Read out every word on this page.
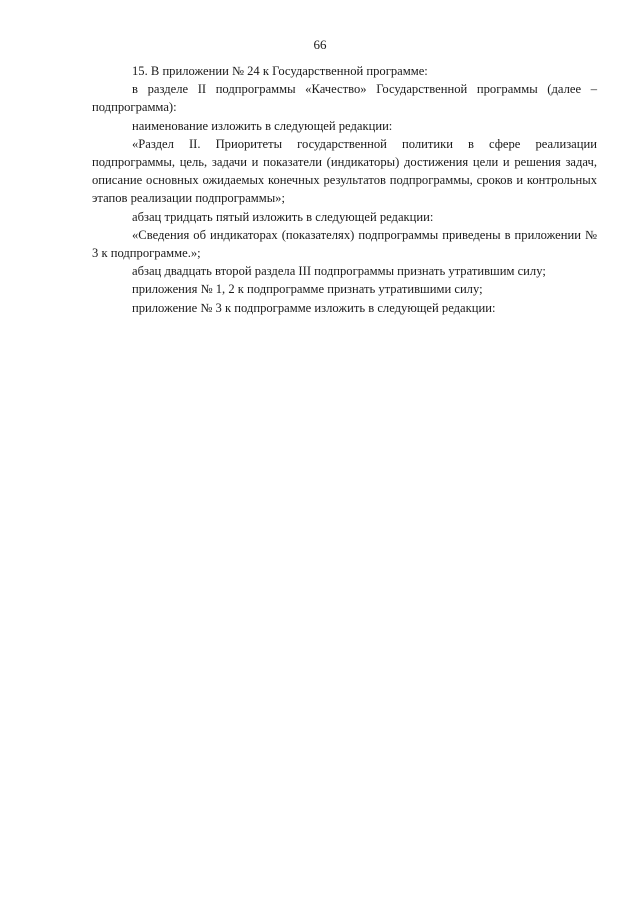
66

15. В приложении № 24 к Государственной программе:

в разделе II подпрограммы «Качество» Государственной программы (далее – подпрограмма):

наименование изложить в следующей редакции:

«Раздел II. Приоритеты государственной политики в сфере реализации подпрограммы, цель, задачи и показатели (индикаторы) достижения цели и решения задач, описание основных ожидаемых конечных результатов подпрограммы, сроков и контрольных этапов реализации подпрограммы»;

абзац тридцать пятый изложить в следующей редакции:

«Сведения об индикаторах (показателях) подпрограммы приведены в приложении № 3 к подпрограмме.»;

абзац двадцать второй раздела III подпрограммы признать утратившим силу;

приложения № 1, 2 к подпрограмме признать утратившими силу;

приложение № 3 к подпрограмме изложить в следующей редакции:
